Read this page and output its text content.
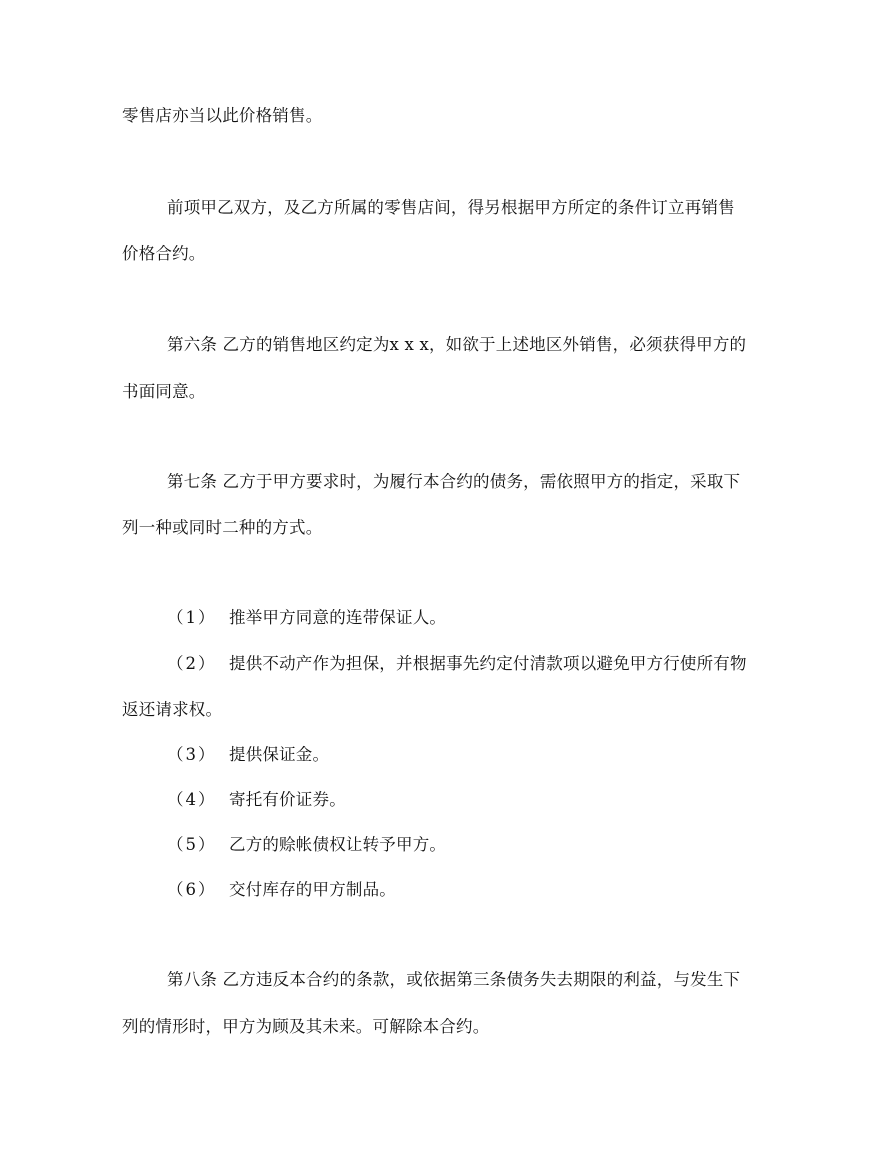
零售店亦当以此价格销售。
前项甲乙双方，及乙方所属的零售店间，得另根据甲方所定的条件订立再销售
价格合约。
第六条 乙方的销售地区约定为x x x，如欲于上述地区外销售，必须获得甲方的
书面同意。
第七条 乙方于甲方要求时，为履行本合约的债务，需依照甲方的指定，采取下
列一种或同时二种的方式。
（1） 推举甲方同意的连带保证人。
（2） 提供不动产作为担保，并根据事先约定付清款项以避免甲方行使所有物
返还请求权。
（3） 提供保证金。
（4） 寄托有价证券。
（5） 乙方的赊帐债权让转予甲方。
（6） 交付库存的甲方制品。
第八条 乙方违反本合约的条款，或依据第三条债务失去期限的利益，与发生下
列的情形时，甲方为顾及其未来。可解除本合约。
